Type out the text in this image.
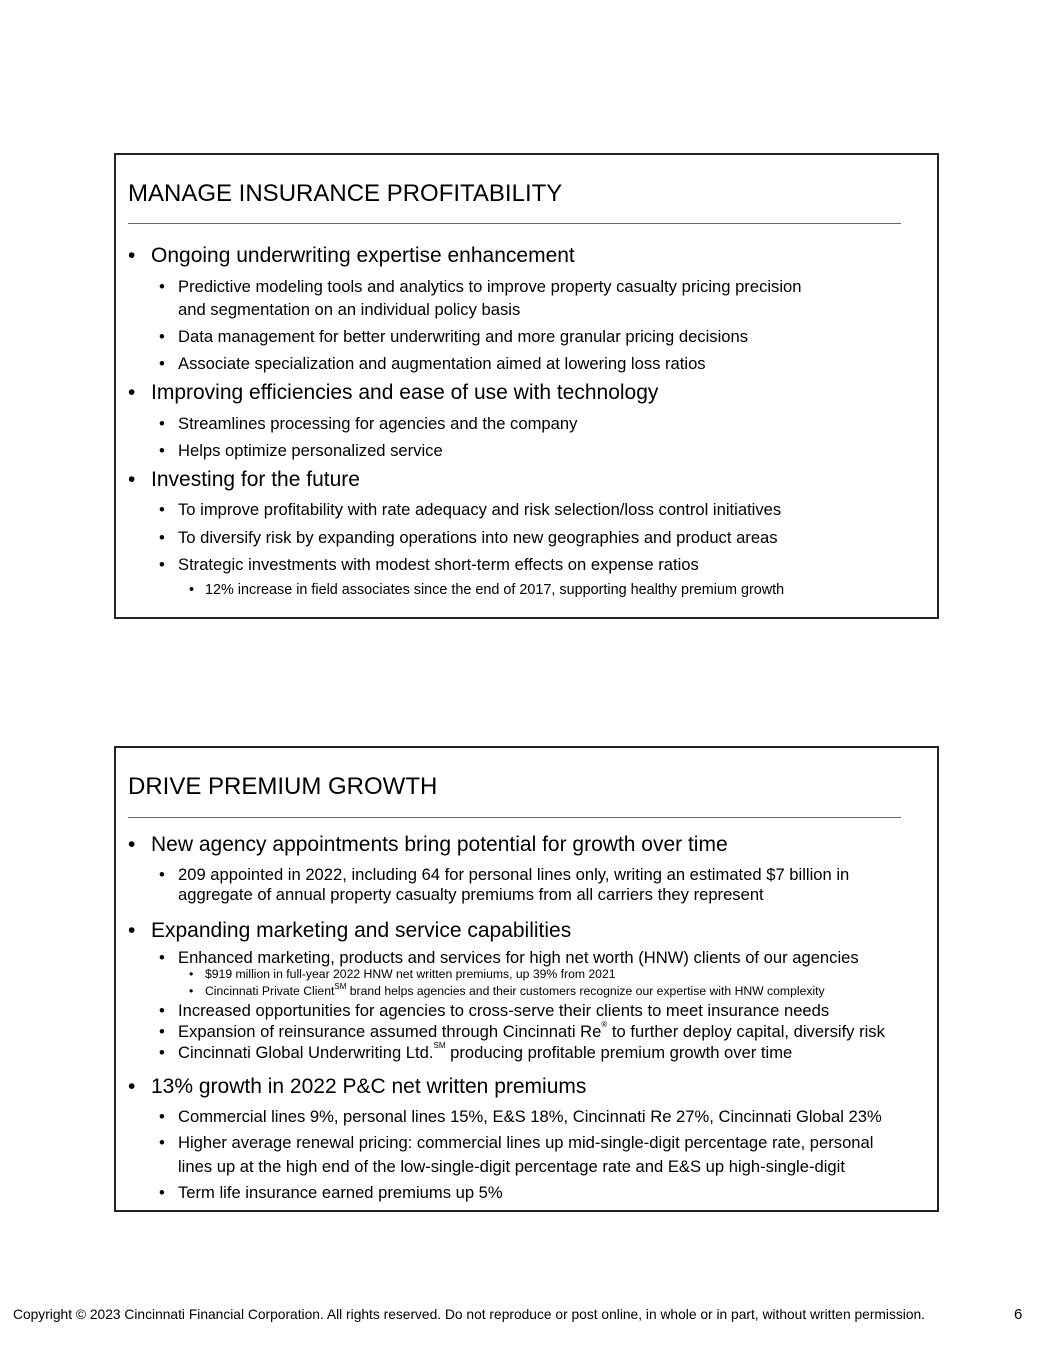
MANAGE INSURANCE PROFITABILITY
• Ongoing underwriting expertise enhancement
• Predictive modeling tools and analytics to improve property casualty pricing precision
and segmentation on an individual policy basis
• Data management for better underwriting and more granular pricing decisions
• Associate specialization and augmentation aimed at lowering loss ratios
• Improving efficiencies and ease of use with technology
• Streamlines processing for agencies and the company
• Helps optimize personalized service
• Investing for the future
• To improve profitability with rate adequacy and risk selection/loss control initiatives
• To diversify risk by expanding operations into new geographies and product areas
• Strategic investments with modest short-term effects on expense ratios
• 12% increase in field associates since the end of 2017, supporting healthy premium growth
DRIVE PREMIUM GROWTH
• New agency appointments bring potential for growth over time
• 209 appointed in 2022, including 64 for personal lines only, writing an estimated $7 billion in
aggregate of annual property casualty premiums from all carriers they represent
• Expanding marketing and service capabilities
• Enhanced marketing, products and services for high net worth (HNW) clients of our agencies
• $919 million in full-year 2022 HNW net written premiums, up 39% from 2021
• Cincinnati Private Client℠ brand helps agencies and their customers recognize our expertise with HNW complexity
• Increased opportunities for agencies to cross-serve their clients to meet insurance needs
• Expansion of reinsurance assumed through Cincinnati Re® to further deploy capital, diversify risk
• Cincinnati Global Underwriting Ltd.℠ producing profitable premium growth over time
• 13% growth in 2022 P&C net written premiums
• Commercial lines 9%, personal lines 15%, E&S 18%, Cincinnati Re 27%, Cincinnati Global 23%
• Higher average renewal pricing: commercial lines up mid-single-digit percentage rate, personal
lines up at the high end of the low-single-digit percentage rate and E&S up high-single-digit
• Term life insurance earned premiums up 5%
Copyright © 2023 Cincinnati Financial Corporation. All rights reserved. Do not reproduce or post online, in whole or in part, without written permission.	6
